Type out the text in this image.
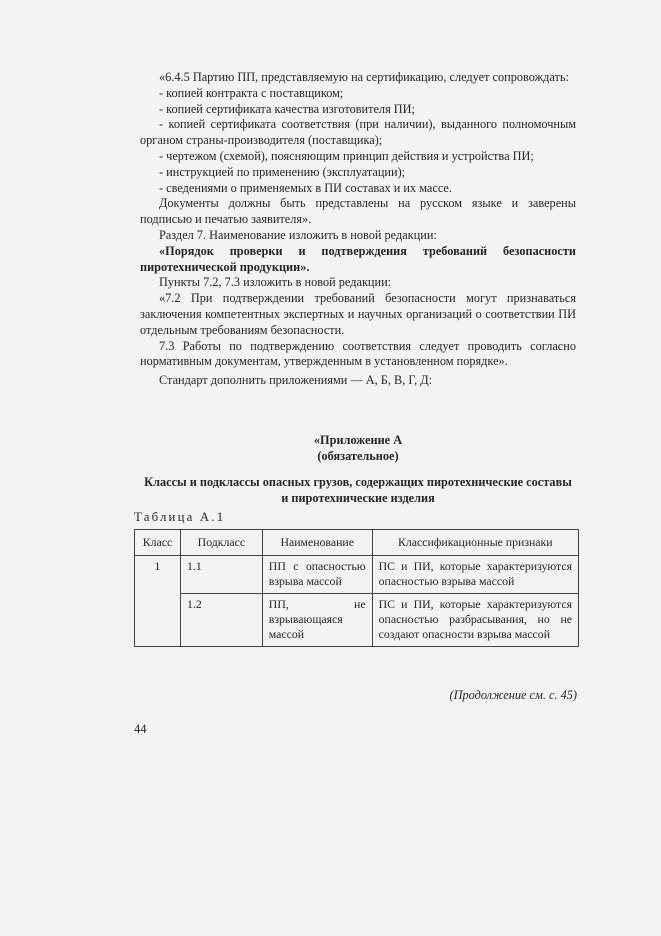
«6.4.5 Партию ПП, представляемую на сертификацию, следует сопровождать:

- копией контракта с поставщиком;

- копией сертификата качества изготовителя ПИ;

- копией сертификата соответствия (при наличии), выданного полномочным органом страны-производителя (поставщика);

- чертежом (схемой), поясняющим принцип действия и устройства ПИ;

- инструкцией по применению (эксплуатации);

- сведениями о применяемых в ПИ составах и их массе.

Документы должны быть представлены на русском языке и заверены подписью и печатью заявителя».

Раздел 7. Наименование изложить в новой редакции:

«Порядок проверки и подтверждения требований безопасности пиротехнической продукции».

Пункты 7.2, 7.3 изложить в новой редакции:

«7.2 При подтверждении требований безопасности могут признаваться заключения компетентных экспертных и научных организаций о соответствии ПИ отдельным требованиям безопасности.

7.3 Работы по подтверждению соответствия следует проводить согласно нормативным документам, утвержденным в установленном порядке».

Стандарт дополнить приложениями — А, Б, В, Г, Д:

«Приложение А
(обязательное)
Классы и подклассы опасных грузов, содержащих пиротехнические составы и пиротехнические изделия
Таблица А.1
Класс	Подкласс	Наименование	Классификационные признаки
1	1.1	ПП с опасностью взрыва массой	ПС и ПИ, которые характеризуются опасностью взрыва массой
	1.2	ПП, не взрывающаяся массой	ПС и ПИ, которые характеризуются опасностью разбрасывания, но не создают опасности взрыва массой
(Продолжение см. с. 45)
44
